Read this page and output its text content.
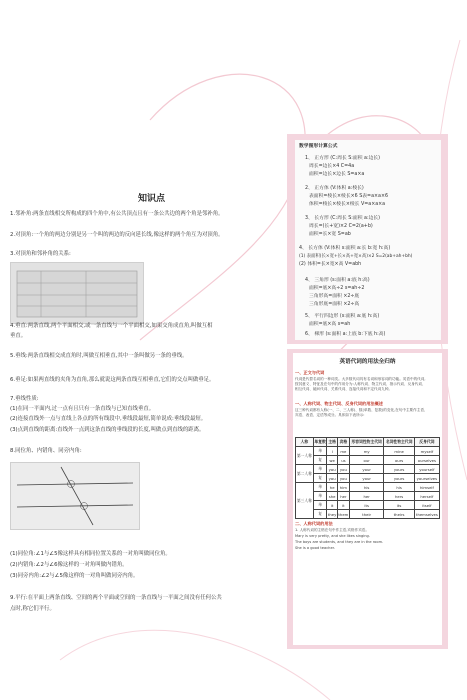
知识点
1.邻补角:两条直线相交所构成的四个角中,有公共顶点且有一条公共边的两个角是邻补角。
2.对顶角:一个角的两边分别是另一个叫的两边的反向延长线,像这样的两个角互为对顶角。
3.对顶角和邻补角的关系:
4.垂直:两条直线,两个平面相交,或一条直线与一个平面相交,如果交角成直角,叫做互相
垂直。
5.垂线:两条直线相交成直角时,叫做互相垂直,其中一条叫做另一条的垂线。
6.垂足:如果两直线的夹角为直角,那么就说这两条直线互相垂直,它们的交点叫做垂足。
7.垂线性质:
(1)在同一平面内,过一点有且只有一条直线与已知直线垂直。
(2)连接直线外一点与直线上各点的所有线段中,垂线段最短,简单说成:垂线段最短。
(3)点到直线的距离:直线外一点到这条直线的垂线段的长度,叫做点到直线的距离。
8.同位角、内错角、同旁内角:
(1)同位角:∠1与∠5像这样具有相同位置关系的一对角叫做同位角。
(2)内错角:∠2与∠6像这样的一对角叫做内错角。
(3)同旁内角:∠2与∠5像这样的一对角叫做同旁内角。
9.平行:在平面上两条直线、空间的两个平面或空间的一条直线与一平面之间没有任何公共
点时,称它们平行。
数学图形计算公式
1、 正方形 (C:周长 S:面积 a:边长)
周长=边长×4 C=4a
面积=边长×边长 S=a×a
2、 正方体 (V:体积 a:棱长)
表面积=棱长×棱长×6 S表=a×a×6
体积=棱长×棱长×棱长 V=a×a×a
3、 长方形 (C:周长 S:面积 a:边长)
周长=(长+宽)×2 C=2(a+b)
面积=长×宽 S=ab
4、 长方体 (V:体积 s:面积 a:长 b:宽 h:高)
(1) 表面积(长×宽+长×高+宽×高)×2 S=2(ab+ah+bh)
(2) 体积=长×宽×高 V=abh
4、 三角形 (s:面积 a:底 h:高)
面积=底×高÷2 s=ah÷2
三角形高=面积 ×2÷底
三角形底=面积 ×2÷高
5、 平行四边形 (s:面积 a:底 h:高)
面积=底×高 s=ah
6、 梯形 (s:面积 a:上底 b:下底 h:高)
英语代词的用法全归纳
一、正文与代词
代词是代替名词的一种词类。大多数代词具有名词和形容词的功能。英语中的代词,
按其意义、特征及在句中的作用分为:人称代词、物主代词、指示代词、反身代词、
相互代词、疑问代词、关系代词、连接代词和不定代词九种。
一、人称代词、物主代词、反身代词的用法概述
这三种代词都有人称(一、二、三人称)、数(单数、复数)的变化,在句中主要作主语、
宾语、表语、定语等成分。具体如下表所示:
人称	单复数	主格	宾格	形容词性物主代词	名词性物主代词	反身代词
第一人称	单	I	me	my	mine	myself
	复	we	us	our	ours	ourselves
第二人称	单	you	you	your	yours	yourself
	复	you	you	your	yours	yourselves
第三人称	单	he	him	his	his	himself
	单	she	her	her	hers	herself
	单	it	it	its	its	itself
	复	they	them	their	theirs	themselves
二、人称代词的用法
1. 人称代词的主格在句中作主语,宾格作宾语。
Mary is very pretty, and she likes singing.
The boys are students, and they are in the room.
She is a good teacher.
